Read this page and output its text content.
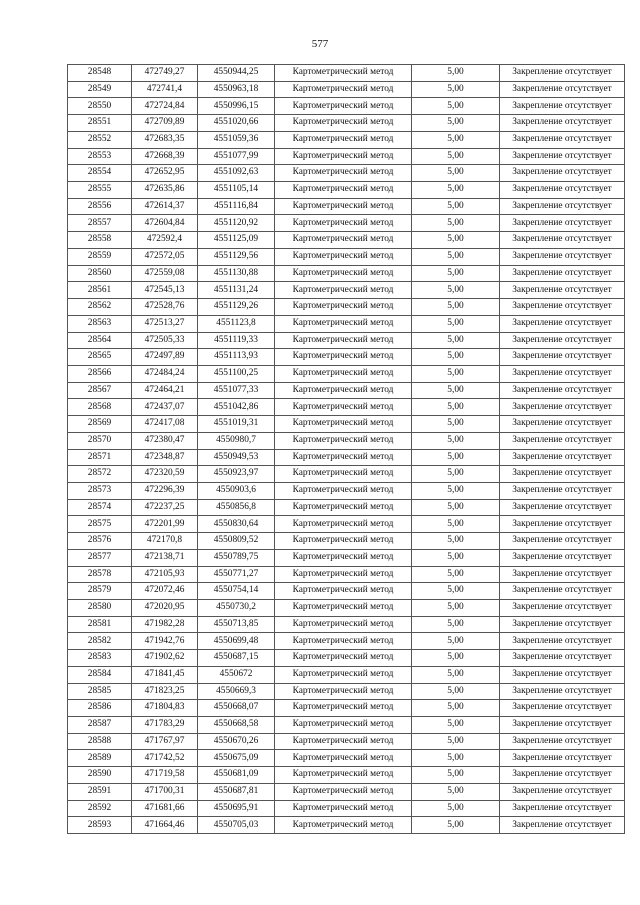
577
28548	472749,27	4550944,25	Картометрический метод	5,00	Закрепление отсутствует
28549	472741,4	4550963,18	Картометрический метод	5,00	Закрепление отсутствует
28550	472724,84	4550996,15	Картометрический метод	5,00	Закрепление отсутствует
28551	472709,89	4551020,66	Картометрический метод	5,00	Закрепление отсутствует
28552	472683,35	4551059,36	Картометрический метод	5,00	Закрепление отсутствует
28553	472668,39	4551077,99	Картометрический метод	5,00	Закрепление отсутствует
28554	472652,95	4551092,63	Картометрический метод	5,00	Закрепление отсутствует
28555	472635,86	4551105,14	Картометрический метод	5,00	Закрепление отсутствует
28556	472614,37	4551116,84	Картометрический метод	5,00	Закрепление отсутствует
28557	472604,84	4551120,92	Картометрический метод	5,00	Закрепление отсутствует
28558	472592,4	4551125,09	Картометрический метод	5,00	Закрепление отсутствует
28559	472572,05	4551129,56	Картометрический метод	5,00	Закрепление отсутствует
28560	472559,08	4551130,88	Картометрический метод	5,00	Закрепление отсутствует
28561	472545,13	4551131,24	Картометрический метод	5,00	Закрепление отсутствует
28562	472528,76	4551129,26	Картометрический метод	5,00	Закрепление отсутствует
28563	472513,27	4551123,8	Картометрический метод	5,00	Закрепление отсутствует
28564	472505,33	4551119,33	Картометрический метод	5,00	Закрепление отсутствует
28565	472497,89	4551113,93	Картометрический метод	5,00	Закрепление отсутствует
28566	472484,24	4551100,25	Картометрический метод	5,00	Закрепление отсутствует
28567	472464,21	4551077,33	Картометрический метод	5,00	Закрепление отсутствует
28568	472437,07	4551042,86	Картометрический метод	5,00	Закрепление отсутствует
28569	472417,08	4551019,31	Картометрический метод	5,00	Закрепление отсутствует
28570	472380,47	4550980,7	Картометрический метод	5,00	Закрепление отсутствует
28571	472348,87	4550949,53	Картометрический метод	5,00	Закрепление отсутствует
28572	472320,59	4550923,97	Картометрический метод	5,00	Закрепление отсутствует
28573	472296,39	4550903,6	Картометрический метод	5,00	Закрепление отсутствует
28574	472237,25	4550856,8	Картометрический метод	5,00	Закрепление отсутствует
28575	472201,99	4550830,64	Картометрический метод	5,00	Закрепление отсутствует
28576	472170,8	4550809,52	Картометрический метод	5,00	Закрепление отсутствует
28577	472138,71	4550789,75	Картометрический метод	5,00	Закрепление отсутствует
28578	472105,93	4550771,27	Картометрический метод	5,00	Закрепление отсутствует
28579	472072,46	4550754,14	Картометрический метод	5,00	Закрепление отсутствует
28580	472020,95	4550730,2	Картометрический метод	5,00	Закрепление отсутствует
28581	471982,28	4550713,85	Картометрический метод	5,00	Закрепление отсутствует
28582	471942,76	4550699,48	Картометрический метод	5,00	Закрепление отсутствует
28583	471902,62	4550687,15	Картометрический метод	5,00	Закрепление отсутствует
28584	471841,45	4550672	Картометрический метод	5,00	Закрепление отсутствует
28585	471823,25	4550669,3	Картометрический метод	5,00	Закрепление отсутствует
28586	471804,83	4550668,07	Картометрический метод	5,00	Закрепление отсутствует
28587	471783,29	4550668,58	Картометрический метод	5,00	Закрепление отсутствует
28588	471767,97	4550670,26	Картометрический метод	5,00	Закрепление отсутствует
28589	471742,52	4550675,09	Картометрический метод	5,00	Закрепление отсутствует
28590	471719,58	4550681,09	Картометрический метод	5,00	Закрепление отсутствует
28591	471700,31	4550687,81	Картометрический метод	5,00	Закрепление отсутствует
28592	471681,66	4550695,91	Картометрический метод	5,00	Закрепление отсутствует
28593	471664,46	4550705,03	Картометрический метод	5,00	Закрепление отсутствует
